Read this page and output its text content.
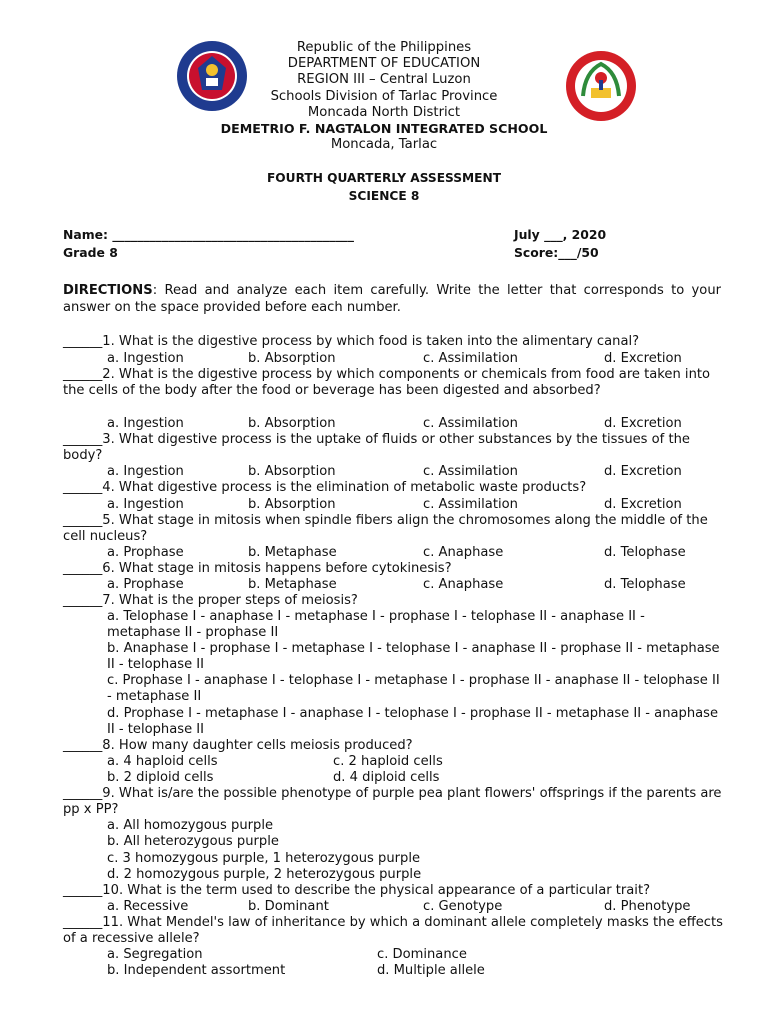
Republic of the Philippines
DEPARTMENT OF EDUCATION
REGION III – Central Luzon
Schools Division of Tarlac Province
Moncada North District
DEMETRIO F. NAGTALON INTEGRATED SCHOOL
Moncada, Tarlac
FOURTH QUARTERLY ASSESSMENT
SCIENCE 8
Name: _______________________________________	July ___, 2020
Grade 8	Score:___/50
DIRECTIONS: Read and analyze each item carefully. Write the letter that corresponds to your answer on the space provided before each number.
______1. What is the digestive process by which food is taken into the alimentary canal?
a. Ingestion	b. Absorption	c. Assimilation	d. Excretion
______2. What is the digestive process by which components or chemicals from food are taken into the cells of the body after the food or beverage has been digested and absorbed?
a. Ingestion	b. Absorption	c. Assimilation	d. Excretion
______3. What digestive process is the uptake of fluids or other substances by the tissues of the body?
a. Ingestion	b. Absorption	c. Assimilation	d. Excretion
______4. What digestive process is the elimination of metabolic waste products?
a. Ingestion	b. Absorption	c. Assimilation	d. Excretion
______5. What stage in mitosis when spindle fibers align the chromosomes along the middle of the cell nucleus?
a. Prophase	b. Metaphase	c. Anaphase	d. Telophase
______6. What stage in mitosis happens before cytokinesis?
a. Prophase	b. Metaphase	c. Anaphase	d. Telophase
______7. What is the proper steps of meiosis?
a. Telophase I - anaphase I - metaphase I - prophase I - telophase II - anaphase II - metaphase II - prophase II
b. Anaphase I - prophase I - metaphase I - telophase I - anaphase II - prophase II - metaphase II - telophase II
c. Prophase I - anaphase I - telophase I - metaphase I - prophase II - anaphase II - telophase II - metaphase II
d. Prophase I - metaphase I - anaphase I - telophase I - prophase II - metaphase II - anaphase II - telophase II
______8. How many daughter cells meiosis produced?
a. 4 haploid cells	c. 2 haploid cells
b. 2 diploid cells	d. 4 diploid cells
______9. What is/are the possible phenotype of purple pea plant flowers' offsprings if the parents are pp x PP?
a. All homozygous purple
b. All heterozygous purple
c. 3 homozygous purple, 1 heterozygous purple
d. 2 homozygous purple, 2 heterozygous purple
______10. What is the term used to describe the physical appearance of a particular trait?
a. Recessive	b. Dominant	c. Genotype	d. Phenotype
______11. What Mendel's law of inheritance by which a dominant allele completely masks the effects of a recessive allele?
a. Segregation	c. Dominance
b. Independent assortment	d. Multiple allele
